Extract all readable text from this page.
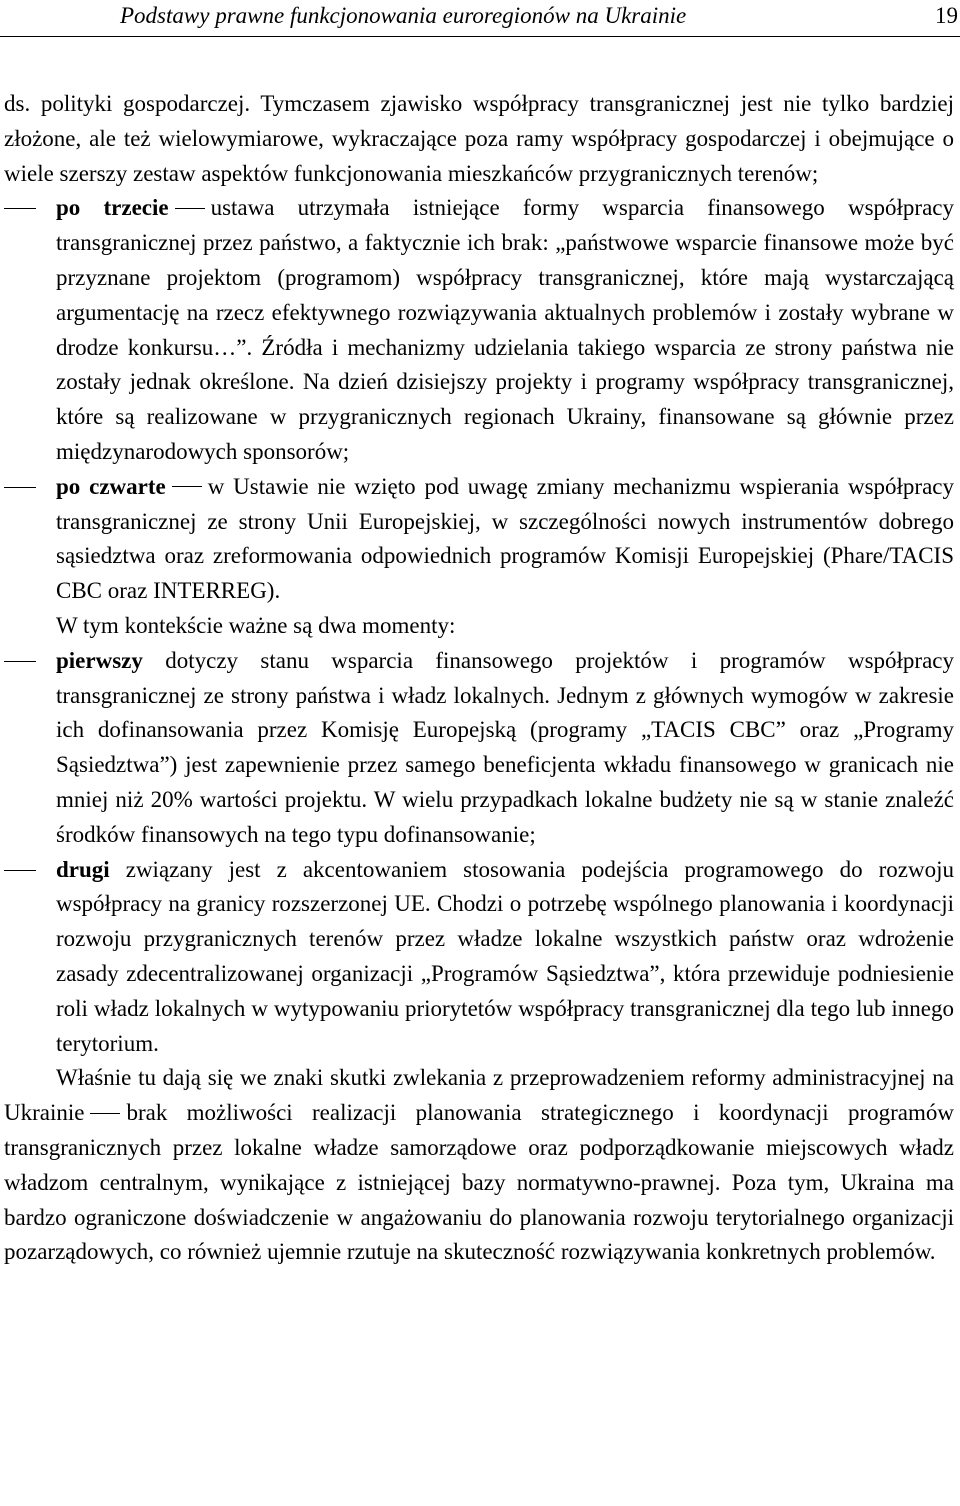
Podstawy prawne funkcjonowania euroregionów na Ukrainie	19

ds. polityki gospodarczej. Tymczasem zjawisko współpracy transgranicznej jest nie tylko bardziej złożone, ale też wielowymiarowe, wykraczające poza ramy współpracy gospodarczej i obejmujące o wiele szerszy zestaw aspektów funkcjonowania mieszkańców przygranicznych terenów;

po trzecie ustawa utrzymała istniejące formy wsparcia finansowego współpracy transgranicznej przez państwo, a faktycznie ich brak: „państwowe wsparcie finansowe może być przyznane projektom (programom) współpracy transgranicznej, które mają wystarczającą argumentację na rzecz efektywnego rozwiązywania aktualnych problemów i zostały wybrane w drodze konkursu…”. Źródła i mechanizmy udzielania takiego wsparcia ze strony państwa nie zostały jednak określone. Na dzień dzisiejszy projekty i programy współpracy transgranicznej, które są realizowane w przygranicznych regionach Ukrainy, finansowane są głównie przez międzynarodowych sponsorów;
po czwarte w Ustawie nie wzięto pod uwagę zmiany mechanizmu wspierania współpracy transgranicznej ze strony Unii Europejskiej, w szczególności nowych instrumentów dobrego sąsiedztwa oraz zreformowania odpowiednich programów Komisji Europejskiej (Phare/TACIS CBC oraz INTERREG).

W tym kontekście ważne są dwa momenty:

pierwszy dotyczy stanu wsparcia finansowego projektów i programów współpracy transgranicznej ze strony państwa i władz lokalnych. Jednym z głównych wymogów w zakresie ich dofinansowania przez Komisję Europejską (programy „TACIS CBC” oraz „Programy Sąsiedztwa”) jest zapewnienie przez samego beneficjenta wkładu finansowego w granicach nie mniej niż 20% wartości projektu. W wielu przypadkach lokalne budżety nie są w stanie znaleźć środków finansowych na tego typu dofinansowanie;
drugi związany jest z akcentowaniem stosowania podejścia programowego do rozwoju współpracy na granicy rozszerzonej UE. Chodzi o potrzebę wspólnego planowania i koordynacji rozwoju przygranicznych terenów przez władze lokalne wszystkich państw oraz wdrożenie zasady zdecentralizowanej organizacji „Programów Sąsiedztwa”, która przewiduje podniesienie roli władz lokalnych w wytypowaniu priorytetów współpracy transgranicznej dla tego lub innego terytorium.

Właśnie tu dają się we znaki skutki zwlekania z przeprowadzeniem reformy administracyjnej na Ukrainie brak możliwości realizacji planowania strategicznego i koordynacji programów transgranicznych przez lokalne władze samorządowe oraz podporządkowanie miejscowych władz władzom centralnym, wynikające z istniejącej bazy normatywno-prawnej. Poza tym, Ukraina ma bardzo ograniczone doświadczenie w angażowaniu do planowania rozwoju terytorialnego organizacji pozarządowych, co również ujemnie rzutuje na skuteczność rozwiązywania konkretnych problemów.
